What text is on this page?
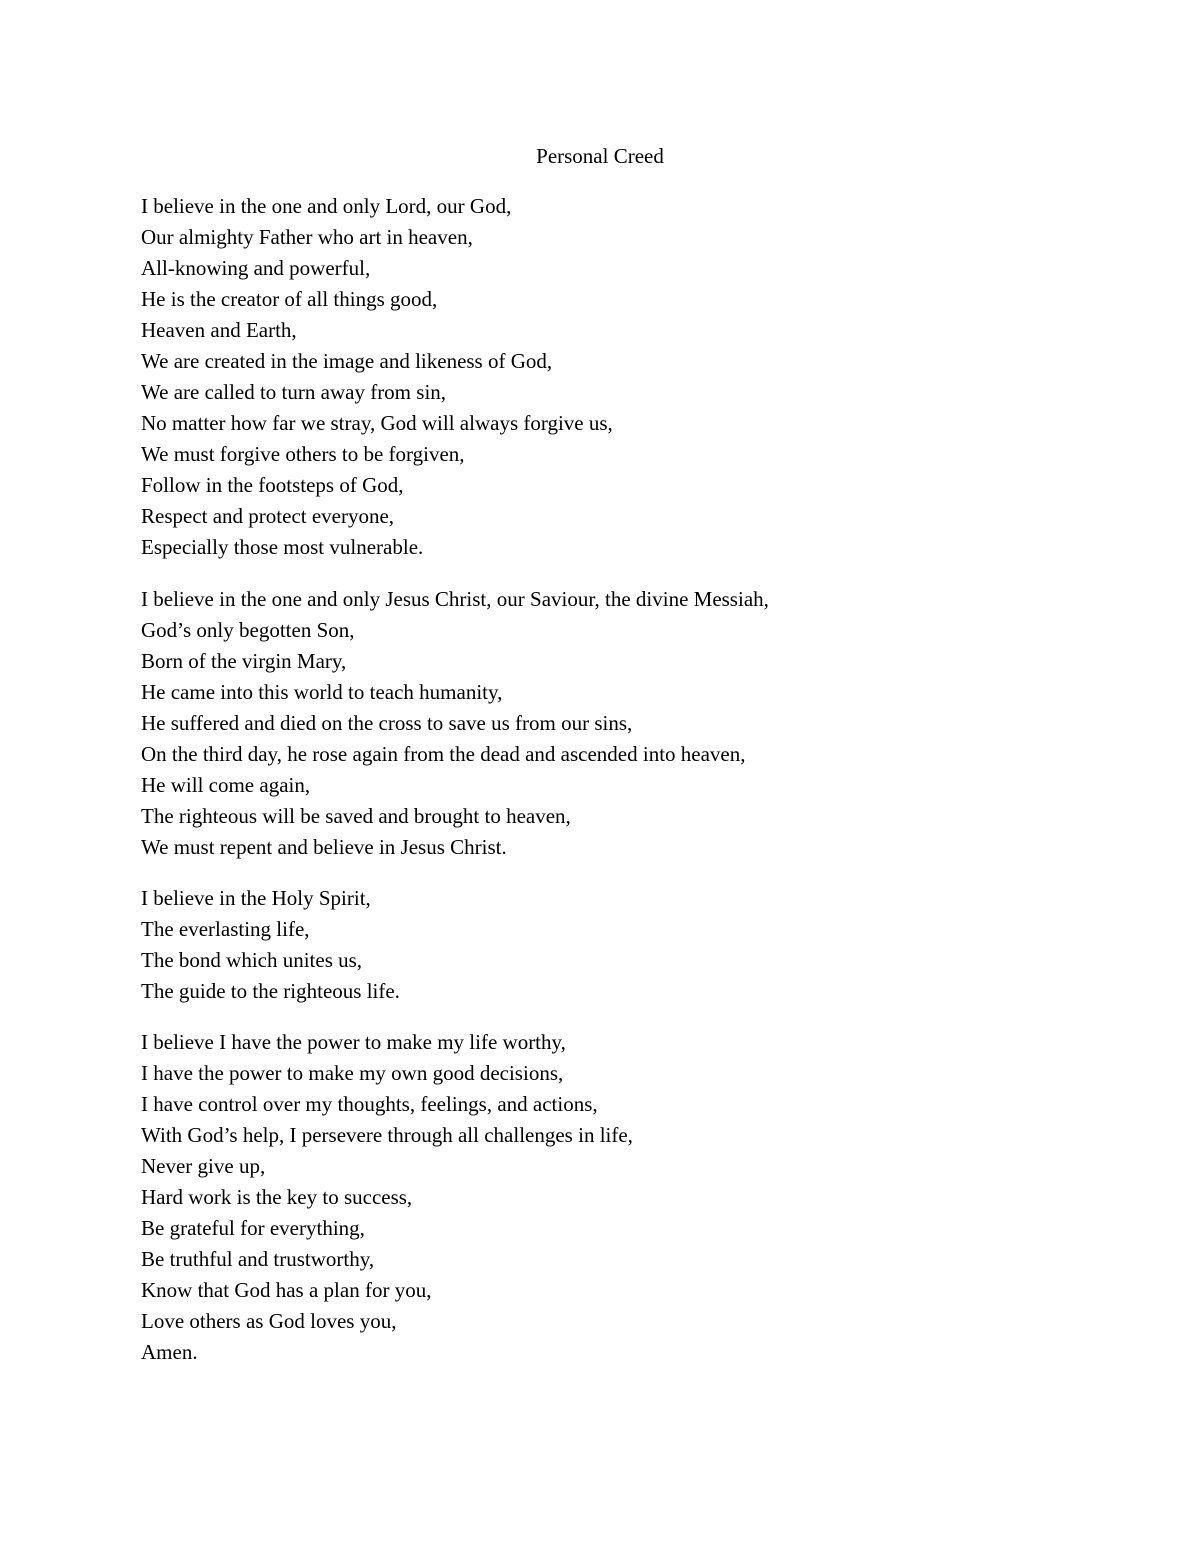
Personal Creed
I believe in the one and only Lord, our God,
Our almighty Father who art in heaven,
All-knowing and powerful,
He is the creator of all things good,
Heaven and Earth,
We are created in the image and likeness of God,
We are called to turn away from sin,
No matter how far we stray, God will always forgive us,
We must forgive others to be forgiven,
Follow in the footsteps of God,
Respect and protect everyone,
Especially those most vulnerable.
I believe in the one and only Jesus Christ, our Saviour, the divine Messiah,
God’s only begotten Son,
Born of the virgin Mary,
He came into this world to teach humanity,
He suffered and died on the cross to save us from our sins,
On the third day, he rose again from the dead and ascended into heaven,
He will come again,
The righteous will be saved and brought to heaven,
We must repent and believe in Jesus Christ.
I believe in the Holy Spirit,
The everlasting life,
The bond which unites us,
The guide to the righteous life.
I believe I have the power to make my life worthy,
I have the power to make my own good decisions,
I have control over my thoughts, feelings, and actions,
With God’s help, I persevere through all challenges in life,
Never give up,
Hard work is the key to success,
Be grateful for everything,
Be truthful and trustworthy,
Know that God has a plan for you,
Love others as God loves you,
Amen.
